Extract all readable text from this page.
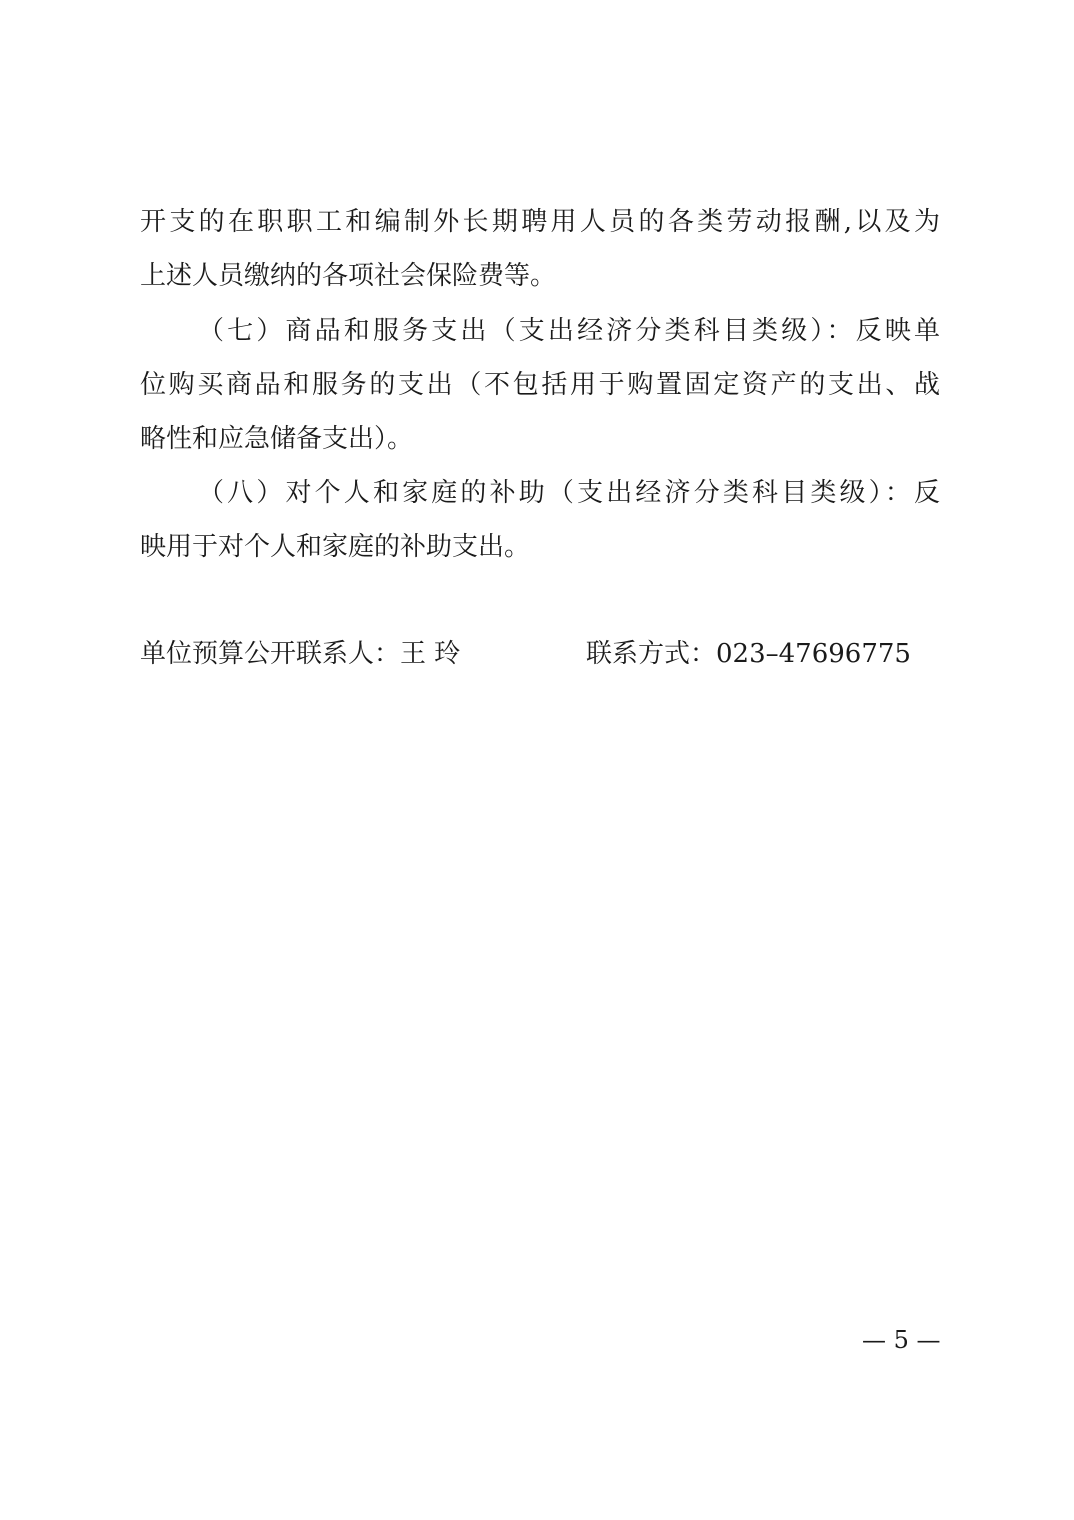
开支的在职职工和编制外长期聘用人员的各类劳动报酬,以及为
上述人员缴纳的各项社会保险费等。
（七）商品和服务支出（支出经济分类科目类级）：反映单
位购买商品和服务的支出（不包括用于购置固定资产的支出、战
略性和应急储备支出）。
（八）对个人和家庭的补助（支出经济分类科目类级）：反
映用于对个人和家庭的补助支出。
单位预算公开联系人：王 玲	联系方式：023–47696775
— 5 —
